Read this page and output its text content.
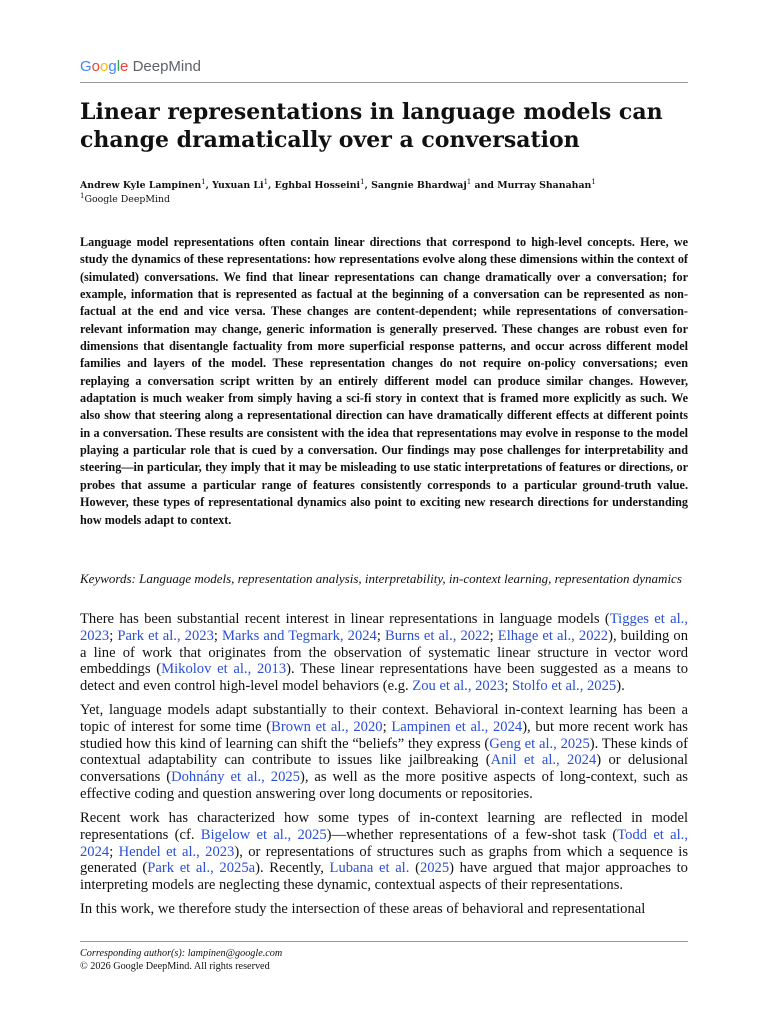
Google DeepMind
Linear representations in language models can change dramatically over a conversation

Andrew Kyle Lampinen$^1$, Yuxuan Li$^1$, Eghbal Hosseini$^1$, Sangnie Bhardwaj$^1$ and Murray Shanahan$^1$

$^1$Google DeepMind

Language model representations often contain linear directions that correspond to high-level concepts. Here, we study the dynamics of these representations: how representations evolve along these dimensions within the context of (simulated) conversations. We find that linear representations can change dramatically over a conversation; for example, information that is represented as factual at the beginning of a conversation can be represented as non-factual at the end and vice versa. These changes are content-dependent; while representations of conversation-relevant information may change, generic information is generally preserved. These changes are robust even for dimensions that disentangle factuality from more superficial response patterns, and occur across different model families and layers of the model. These representation changes do not require on-policy conversations; even replaying a conversation script written by an entirely different model can produce similar changes. However, adaptation is much weaker from simply having a sci-fi story in context that is framed more explicitly as such. We also show that steering along a representational direction can have dramatically different effects at different points in a conversation. These results are consistent with the idea that representations may evolve in response to the model playing a particular role that is cued by a conversation. Our findings may pose challenges for interpretability and steering—in particular, they imply that it may be misleading to use static interpretations of features or directions, or probes that assume a particular range of features consistently corresponds to a particular ground-truth value. However, these types of representational dynamics also point to exciting new research directions for understanding how models adapt to context.

Keywords: Language models, representation analysis, interpretability, in-context learning, representation dynamics

There has been substantial recent interest in linear representations in language models (Tigges et al., 2023; Park et al., 2023; Marks and Tegmark, 2024; Burns et al., 2022; Elhage et al., 2022), building on a line of work that originates from the observation of systematic linear structure in vector word embeddings (Mikolov et al., 2013). These linear representations have been suggested as a means to detect and even control high-level model behaviors (e.g. Zou et al., 2023; Stolfo et al., 2025).

Yet, language models adapt substantially to their context. Behavioral in-context learning has been a topic of interest for some time (Brown et al., 2020; Lampinen et al., 2024), but more recent work has studied how this kind of learning can shift the “beliefs” they express (Geng et al., 2025). These kinds of contextual adaptability can contribute to issues like jailbreaking (Anil et al., 2024) or delusional conversations (Dohnány et al., 2025), as well as the more positive aspects of long-context, such as effective coding and question answering over long documents or repositories.

Recent work has characterized how some types of in-context learning are reflected in model representations (cf. Bigelow et al., 2025)—whether representations of a few-shot task (Todd et al., 2024; Hendel et al., 2023), or representations of structures such as graphs from which a sequence is generated (Park et al., 2025a). Recently, Lubana et al. (2025) have argued that major approaches to interpreting models are neglecting these dynamic, contextual aspects of their representations.

In this work, we therefore study the intersection of these areas of behavioral and representational

Corresponding author(s): lampinen@google.com

© 2026 Google DeepMind. All rights reserved
